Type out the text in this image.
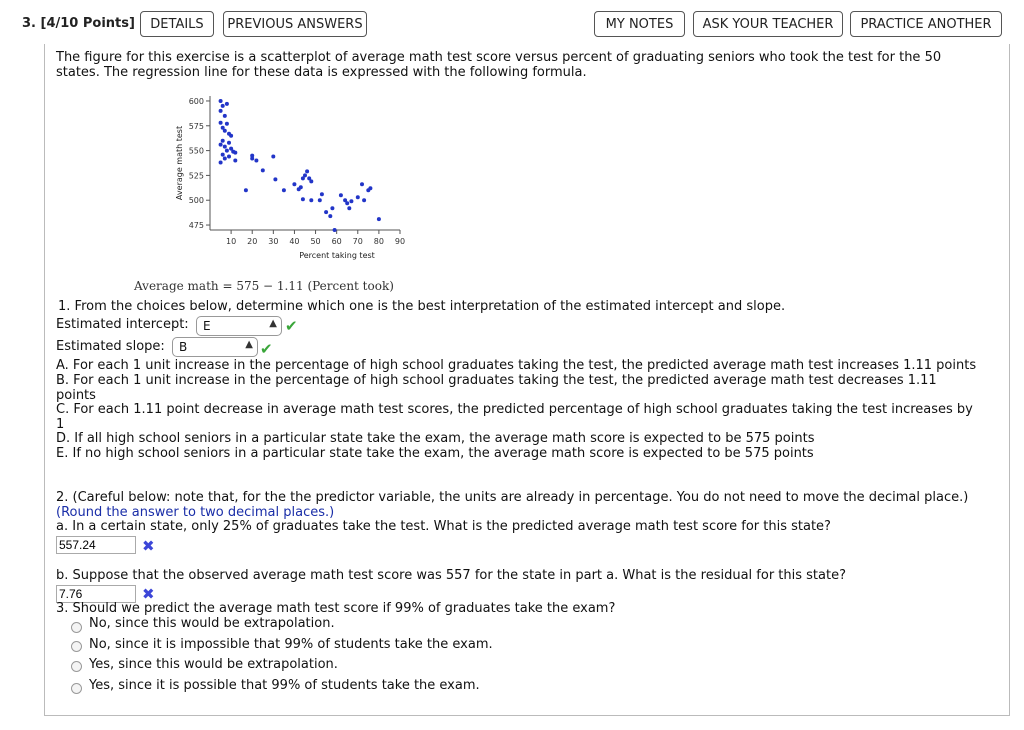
3. [4/10 Points]	DETAILS	PREVIOUS ANSWERS	MY NOTES	ASK YOUR TEACHER	PRACTICE ANOTHER
The figure for this exercise is a scatterplot of average math test score versus percent of graduating seniors who took the test for the 50
states. The regression line for these data is expressed with the following formula.
475
500
525
550
575
600
10 20 30 40 50 60 70 80 90
Percent taking test
Average math test
Average math = 575 − 1.11 (Percent took)
1. From the choices below, determine which one is the best interpretation of the estimated intercept and slope.
Estimated intercept:	E	▲ ✔
Estimated slope:	B	▲ ✔
A. For each 1 unit increase in the percentage of high school graduates taking the test, the predicted average math test increases 1.11 points
B. For each 1 unit increase in the percentage of high school graduates taking the test, the predicted average math test decreases 1.11
points
C. For each 1.11 point decrease in average math test scores, the predicted percentage of high school graduates taking the test increases by
1
D. If all high school seniors in a particular state take the exam, the average math score is expected to be 575 points
E. If no high school seniors in a particular state take the exam, the average math score is expected to be 575 points
2. (Careful below: note that, for the the predictor variable, the units are already in percentage. You do not need to move the decimal place.)
(Round the answer to two decimal places.)
a. In a certain state, only 25% of graduates take the test. What is the predicted average math test score for this state?
557.24
✖
b. Suppose that the observed average math test score was 557 for the state in part a. What is the residual for this state?
7.76
✖
3. Should we predict the average math test score if 99% of graduates take the exam?
No, since this would be extrapolation.
No, since it is impossible that 99% of students take the exam.
Yes, since this would be extrapolation.
Yes, since it is possible that 99% of students take the exam.
